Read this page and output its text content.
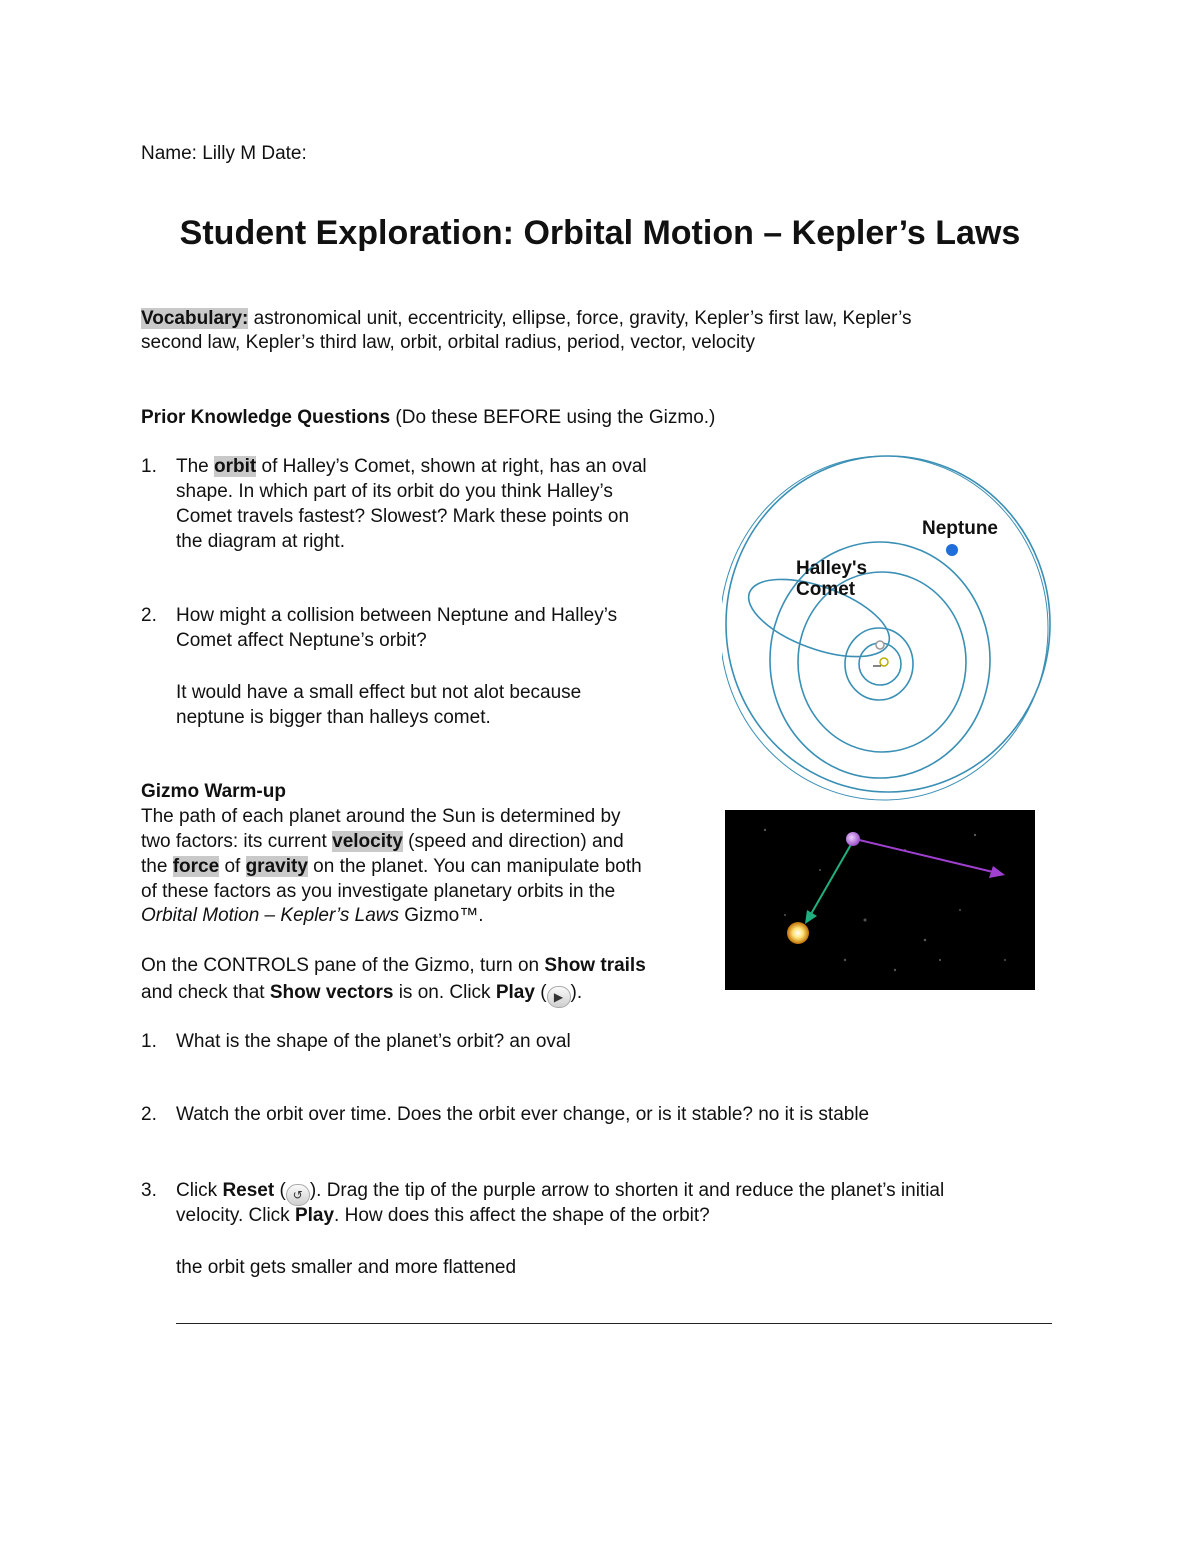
Name: Lilly M Date:
Student Exploration: Orbital Motion – Kepler’s Laws
Vocabulary: astronomical unit, eccentricity, ellipse, force, gravity, Kepler’s first law, Kepler’s
second law, Kepler’s third law, orbit, orbital radius, period, vector, velocity
Prior Knowledge Questions (Do these BEFORE using the Gizmo.)
1. The orbit of Halley’s Comet, shown at right, has an oval
shape. In which part of its orbit do you think Halley’s
Comet travels fastest? Slowest? Mark these points on
the diagram at right.
2. How might a collision between Neptune and Halley’s
Comet affect Neptune’s orbit?
It would have a small effect but not alot because
neptune is bigger than halleys comet.
Neptune
Halley's
Comet
Gizmo Warm-up
The path of each planet around the Sun is determined by
two factors: its current velocity (speed and direction) and
the force of gravity on the planet. You can manipulate both
of these factors as you investigate planetary orbits in the
Orbital Motion – Kepler’s Laws Gizmo™.
On the CONTROLS pane of the Gizmo, turn on Show trails
and check that Show vectors is on. Click Play ( ▶ ).
1. What is the shape of the planet’s orbit? an oval
2. Watch the orbit over time. Does the orbit ever change, or is it stable? no it is stable
3. Click Reset ( ↺ ). Drag the tip of the purple arrow to shorten it and reduce the planet’s initial
velocity. Click Play. How does this affect the shape of the orbit?
the orbit gets smaller and more flattened
